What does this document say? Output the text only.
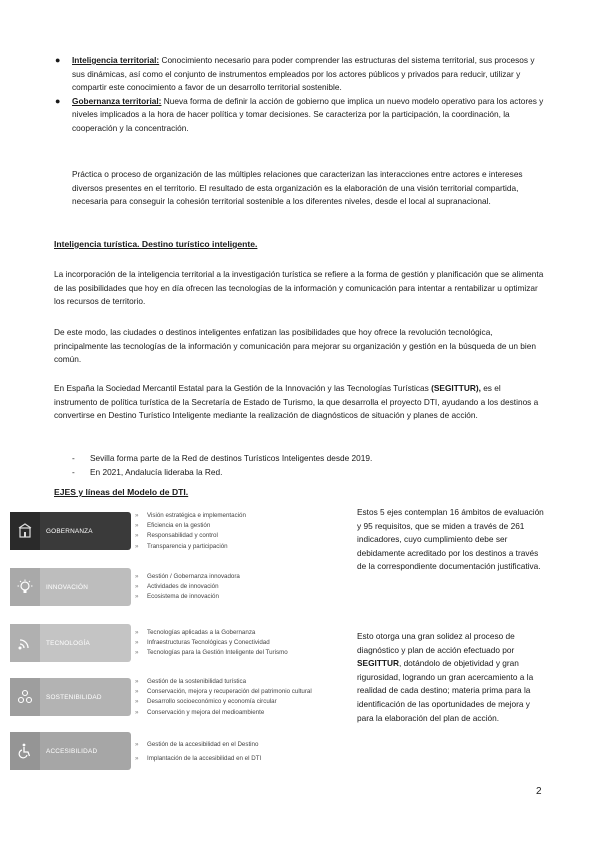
● Inteligencia territorial: Conocimiento necesario para poder comprender las estructuras del sistema territorial, sus procesos y sus dinámicas, así como el conjunto de instrumentos empleados por los actores públicos y privados para reducir, utilizar y compartir este conocimiento a favor de un desarrollo territorial sostenible.
● Gobernanza territorial: Nueva forma de definir la acción de gobierno que implica un nuevo modelo operativo para los actores y niveles implicados a la hora de hacer política y tomar decisiones. Se caracteriza por la participación, la coordinación, la cooperación y la concentración.
Práctica o proceso de organización de las múltiples relaciones que caracterizan las interacciones entre actores e intereses diversos presentes en el territorio. El resultado de esta organización es la elaboración de una visión territorial compartida, necesaria para conseguir la cohesión territorial sostenible a los diferentes niveles, desde el local al supranacional.
Inteligencia turística. Destino turístico inteligente.
La incorporación de la inteligencia territorial a la investigación turística se refiere a la forma de gestión y planificación que se alimenta de las posibilidades que hoy en día ofrecen las tecnologías de la información y comunicación para intentar a rentabilizar u optimizar los recursos de territorio.
De este modo, las ciudades o destinos inteligentes enfatizan las posibilidades que hoy ofrece la revolución tecnológica, principalmente las tecnologías de la información y comunicación para mejorar su organización y gestión en la búsqueda de un bien común.
En España la Sociedad Mercantil Estatal para la Gestión de la Innovación y las Tecnologías Turísticas (SEGITTUR), es el instrumento de política turística de la Secretaría de Estado de Turismo, la que desarrolla el proyecto DTI, ayudando a los destinos a convertirse en Destino Turístico Inteligente mediante la realización de diagnósticos de situación y planes de acción.
- Sevilla forma parte de la Red de destinos Turísticos Inteligentes desde 2019.
- En 2021, Andalucía lideraba la Red.
EJES y líneas del Modelo de DTI.
GOBERNANZA
» Visión estratégica e implementación
» Eficiencia en la gestión
» Responsabilidad y control
» Transparencia y participación
INNOVACIÓN
» Gestión / Gobernanza innovadora
» Actividades de innovación
» Ecosistema de innovación
TECNOLOGÍA
» Tecnologías aplicadas a la Gobernanza
» Infraestructuras Tecnológicas y Conectividad
» Tecnologías para la Gestión Inteligente del Turismo
SOSTENIBILIDAD
» Gestión de la sostenibilidad turística
» Conservación, mejora y recuperación del patrimonio cultural
» Desarrollo socioeconómico y economía circular
» Conservación y mejora del medioambiente
ACCESIBILIDAD
» Gestión de la accesibilidad en el Destino
» Implantación de la accesibilidad en el DTI
Estos 5 ejes contemplan 16 ámbitos de evaluación y 95 requisitos, que se miden a través de 261 indicadores, cuyo cumplimiento debe ser debidamente acreditado por los destinos a través de la correspondiente documentación justificativa.
Esto otorga una gran solidez al proceso de diagnóstico y plan de acción efectuado por SEGITTUR, dotándolo de objetividad y gran rigurosidad, logrando un gran acercamiento a la realidad de cada destino; materia prima para la identificación de las oportunidades de mejora y para la elaboración del plan de acción.
2
